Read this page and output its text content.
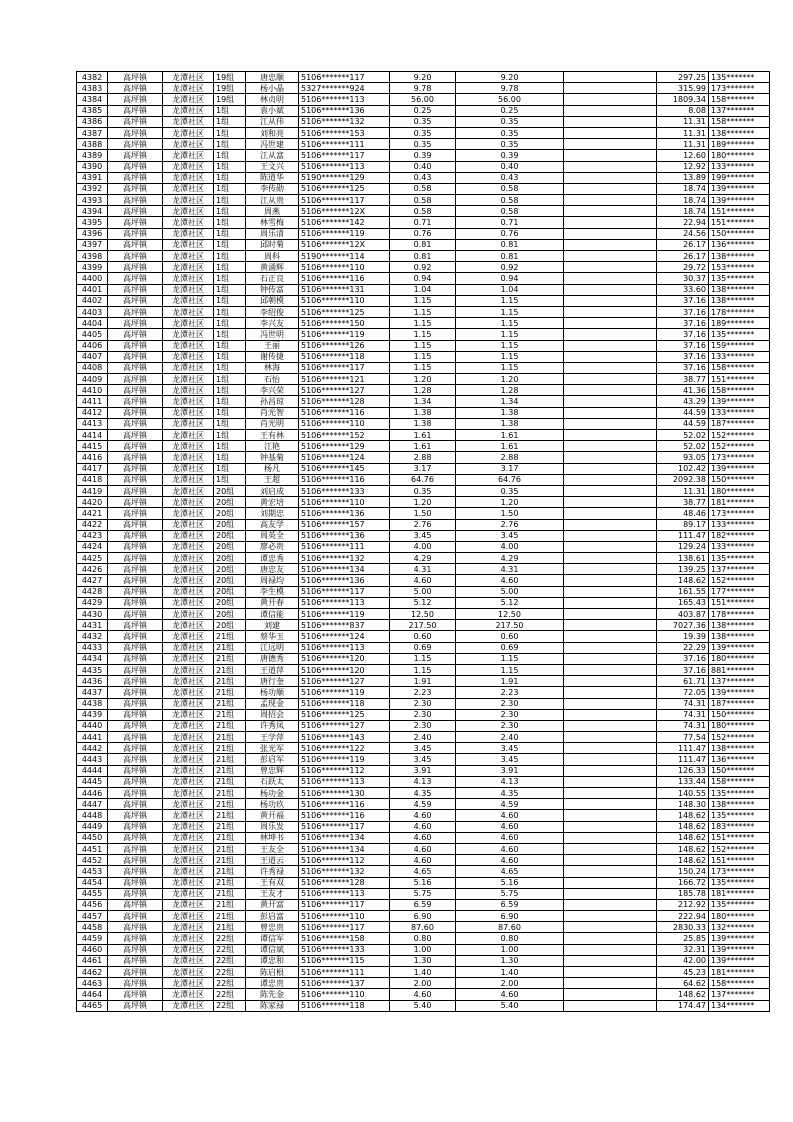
4382	高坪镇	龙潭社区	19组	唐忠顺	5106*******117	9.20	9.20		297.25	135*******
4383	高坪镇	龙潭社区	19组	杨小晶	5327*******924	9.78	9.78		315.99	173*******
4384	高坪镇	龙潭社区	19组	林贞明	5106*******113	56.00	56.00		1809.34	158*******
4385	高坪镇	龙潭社区	1组	袁小斌	5106*******136	0.25	0.25		8.08	137*******
4386	高坪镇	龙潭社区	1组	江从伟	5106*******132	0.35	0.35		11.31	158*******
4387	高坪镇	龙潭社区	1组	刘和亮	5106*******153	0.35	0.35		11.31	138*******
4388	高坪镇	龙潭社区	1组	冯世建	5106*******111	0.35	0.35		11.31	189*******
4389	高坪镇	龙潭社区	1组	江从富	5106*******117	0.39	0.39		12.60	180*******
4390	高坪镇	龙潭社区	1组	王文兴	5106*******113	0.40	0.40		12.92	133*******
4391	高坪镇	龙潭社区	1组	陈道华	5190*******129	0.43	0.43		13.89	199*******
4392	高坪镇	龙潭社区	1组	李传勋	5106*******125	0.58	0.58		18.74	139*******
4393	高坪镇	龙潭社区	1组	江从贵	5106*******117	0.58	0.58		18.74	139*******
4394	高坪镇	龙潭社区	1组	周燕	5106*******12X	0.58	0.58		18.74	151*******
4395	高坪镇	龙潭社区	1组	林雪梅	5106*******142	0.71	0.71		22.94	151*******
4396	高坪镇	龙潭社区	1组	周乐清	5106*******119	0.76	0.76		24.56	150*******
4397	高坪镇	龙潭社区	1组	邱时菊	5106*******12X	0.81	0.81		26.17	136*******
4398	高坪镇	龙潭社区	1组	周科	5190*******114	0.81	0.81		26.17	138*******
4399	高坪镇	龙潭社区	1组	黄涌辉	5106*******110	0.92	0.92		29.72	153*******
4400	高坪镇	龙潭社区	1组	石正良	5106*******116	0.94	0.94		30.37	135*******
4401	高坪镇	龙潭社区	1组	钟传富	5106*******131	1.04	1.04		33.60	138*******
4402	高坪镇	龙潭社区	1组	邱朝模	5106*******110	1.15	1.15		37.16	138*******
4403	高坪镇	龙潭社区	1组	李绍俊	5106*******125	1.15	1.15		37.16	178*******
4404	高坪镇	龙潭社区	1组	李兴友	5106*******150	1.15	1.15		37.16	189*******
4405	高坪镇	龙潭社区	1组	冯世明	5106*******119	1.15	1.15		37.16	135*******
4406	高坪镇	龙潭社区	1组	王丽	5106*******126	1.15	1.15		37.16	159*******
4407	高坪镇	龙潭社区	1组	谢传捷	5106*******118	1.15	1.15		37.16	133*******
4408	高坪镇	龙潭社区	1组	林海	5106*******117	1.15	1.15		37.16	158*******
4409	高坪镇	龙潭社区	1组	石怡	5106*******121	1.20	1.20		38.77	151*******
4410	高坪镇	龙潭社区	1组	李兴荣	5106*******127	1.28	1.28		41.36	158*******
4411	高坪镇	龙潭社区	1组	孙昌琼	5106*******128	1.34	1.34		43.29	139*******
4412	高坪镇	龙潭社区	1组	肖光智	5106*******116	1.38	1.38		44.59	133*******
4413	高坪镇	龙潭社区	1组	肖光明	5106*******110	1.38	1.38		44.59	187*******
4414	高坪镇	龙潭社区	1组	王有林	5106*******152	1.61	1.61		52.02	152*******
4415	高坪镇	龙潭社区	1组	江艳	5106*******129	1.61	1.61		52.02	152*******
4416	高坪镇	龙潭社区	1组	钟基菊	5106*******124	2.88	2.88		93.05	173*******
4417	高坪镇	龙潭社区	1组	杨凡	5106*******145	3.17	3.17		102.42	139*******
4418	高坪镇	龙潭社区	1组	王超	5106*******116	64.76	64.76		2092.38	150*******
4419	高坪镇	龙潭社区	20组	刘启成	5106*******133	0.35	0.35		11.31	180*******
4420	高坪镇	龙潭社区	20组	黄宏培	5106*******110	1.20	1.20		38.77	181*******
4421	高坪镇	龙潭社区	20组	刘期忠	5106*******136	1.50	1.50		48.46	173*******
4422	高坪镇	龙潭社区	20组	高友学	5106*******157	2.76	2.76		89.17	133*******
4423	高坪镇	龙潭社区	20组	周英全	5106*******136	3.45	3.45		111.47	182*******
4424	高坪镇	龙潭社区	20组	廖必贵	5106*******111	4.00	4.00		129.24	133*******
4425	高坪镇	龙潭社区	20组	谭忠秀	5106*******132	4.29	4.29		138.61	135*******
4426	高坪镇	龙潭社区	20组	唐忠友	5106*******134	4.31	4.31		139.25	137*******
4427	高坪镇	龙潭社区	20组	周禄均	5106*******136	4.60	4.60		148.62	152*******
4428	高坪镇	龙潭社区	20组	李生模	5106*******117	5.00	5.00		161.55	177*******
4429	高坪镇	龙潭社区	20组	黄开春	5106*******113	5.12	5.12		165.43	151*******
4430	高坪镇	龙潭社区	20组	谭信能	5106*******119	12.50	12.50		403.87	178*******
4431	高坪镇	龙潭社区	20组	刘建	5106*******837	217.50	217.50		7027.36	138*******
4432	高坪镇	龙潭社区	21组	蔡华玉	5106*******124	0.60	0.60		19.39	138*******
4433	高坪镇	龙潭社区	21组	江远明	5106*******113	0.69	0.69		22.29	139*******
4434	高坪镇	龙潭社区	21组	唐德秀	5106*******120	1.15	1.15		37.16	180*******
4435	高坪镇	龙潭社区	21组	王道萍	5106*******120	1.15	1.15		37.16	881*******
4436	高坪镇	龙潭社区	21组	唐行奎	5106*******127	1.91	1.91		61.71	137*******
4437	高坪镇	龙潭社区	21组	杨功顺	5106*******119	2.23	2.23		72.05	139*******
4438	高坪镇	龙潭社区	21组	孟现金	5106*******118	2.30	2.30		74.31	187*******
4439	高坪镇	龙潭社区	21组	周招会	5106*******125	2.30	2.30		74.31	150*******
4440	高坪镇	龙潭社区	21组	许秀凤	5106*******127	2.30	2.30		74.31	180*******
4441	高坪镇	龙潭社区	21组	王学萍	5106*******143	2.40	2.40		77.54	152*******
4442	高坪镇	龙潭社区	21组	张光军	5106*******122	3.45	3.45		111.47	138*******
4443	高坪镇	龙潭社区	21组	彭启军	5106*******119	3.45	3.45		111.47	136*******
4444	高坪镇	龙潭社区	21组	曾忠辉	5106*******112	3.91	3.91		126.33	150*******
4445	高坪镇	龙潭社区	21组	石跃太	5106*******113	4.13	4.13		133.44	158*******
4446	高坪镇	龙潭社区	21组	杨功金	5106*******130	4.35	4.35		140.55	135*******
4447	高坪镇	龙潭社区	21组	杨功玖	5106*******116	4.59	4.59		148.30	138*******
4448	高坪镇	龙潭社区	21组	黄开福	5106*******116	4.60	4.60		148.62	135*******
4449	高坪镇	龙潭社区	21组	周乐发	5106*******117	4.60	4.60		148.62	183*******
4450	高坪镇	龙潭社区	21组	林坤书	5106*******134	4.60	4.60		148.62	151*******
4451	高坪镇	龙潭社区	21组	王友全	5106*******134	4.60	4.60		148.62	152*******
4452	高坪镇	龙潭社区	21组	王道云	5106*******112	4.60	4.60		148.62	151*******
4453	高坪镇	龙潭社区	21组	许秀禄	5106*******132	4.65	4.65		150.24	173*******
4454	高坪镇	龙潭社区	21组	王有双	5106*******128	5.16	5.16		166.72	135*******
4455	高坪镇	龙潭社区	21组	王友才	5106*******113	5.75	5.75		185.78	181*******
4456	高坪镇	龙潭社区	21组	黄开富	5106*******117	6.59	6.59		212.92	135*******
4457	高坪镇	龙潭社区	21组	彭启富	5106*******110	6.90	6.90		222.94	180*******
4458	高坪镇	龙潭社区	21组	曾忠贵	5106*******117	87.60	87.60		2830.33	132*******
4459	高坪镇	龙潭社区	22组	谭信军	5106*******158	0.80	0.80		25.85	139*******
4460	高坪镇	龙潭社区	22组	谭信斌	5106*******133	1.00	1.00		32.31	139*******
4461	高坪镇	龙潭社区	22组	谭忠和	5106*******115	1.30	1.30		42.00	139*******
4462	高坪镇	龙潭社区	22组	陈启根	5106*******111	1.40	1.40		45.23	181*******
4463	高坪镇	龙潭社区	22组	谭忠贵	5106*******137	2.00	2.00		64.62	158*******
4464	高坪镇	龙潭社区	22组	陈先金	5106*******110	4.60	4.60		148.62	137*******
4465	高坪镇	龙潭社区	22组	陈家禄	5106*******118	5.40	5.40		174.47	134*******
